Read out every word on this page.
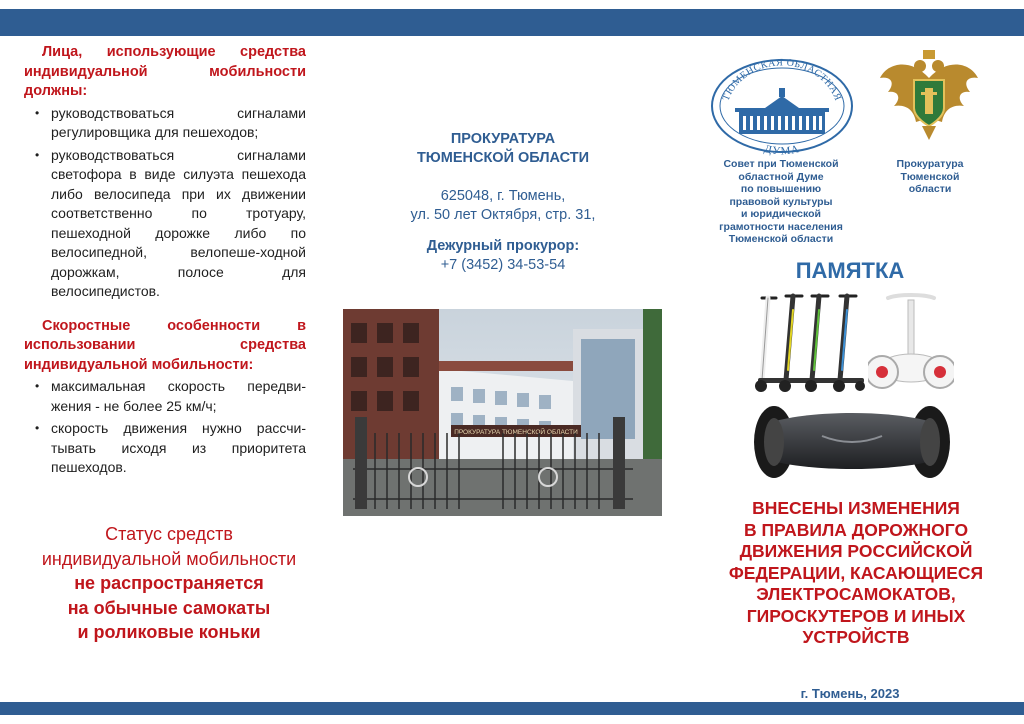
Лица, использующие средства индивидуальной мобильности должны:

• руководствоваться сигналами регулировщика для пешеходов;
• руководствоваться сигналами светофора в виде силуэта пешехода либо велосипеда при их движении соответственно по тротуару, пешеходной дорожке либо по велосипедной, велопеше-ходной дорожкам, полосе для велосипедистов.

Скоростные особенности в использовании средства индивидуальной мобильности:

• максимальная скорость передви-жения - не более 25 км/ч;
• скорость движения нужно рассчи-тывать исходя из приоритета пешеходов.
Статус средств
индивидуальной мобильности
не распространяется
на обычные самокаты
и роликовые коньки

ПРОКУРАТУРА
ТЮМЕНСКОЙ ОБЛАСТИ

625048, г. Тюмень,
ул. 50 лет Октября, стр. 31,

Дежурный прокурор:

+7 (3452) 34-53-54

ПРОКУРАТУРА ТЮМЕНСКОЙ ОБЛАСТИ
ТЮМЕНСКАЯ ОБЛАСТНАЯ
ДУМА
Совет при Тюменской
областной Думе
по повышению
правовой культуры
и юридической
грамотности населения
Тюменской области
Прокуратура
Тюменской
области
ПАМЯТКА
ВНЕСЕНЫ ИЗМЕНЕНИЯ
В ПРАВИЛА ДОРОЖНОГО
ДВИЖЕНИЯ РОССИЙСКОЙ
ФЕДЕРАЦИИ, КАСАЮЩИЕСЯ
ЭЛЕКТРОСАМОКАТОВ,
ГИРОСКУТЕРОВ И ИНЫХ
УСТРОЙСТВ
г. Тюмень, 2023
